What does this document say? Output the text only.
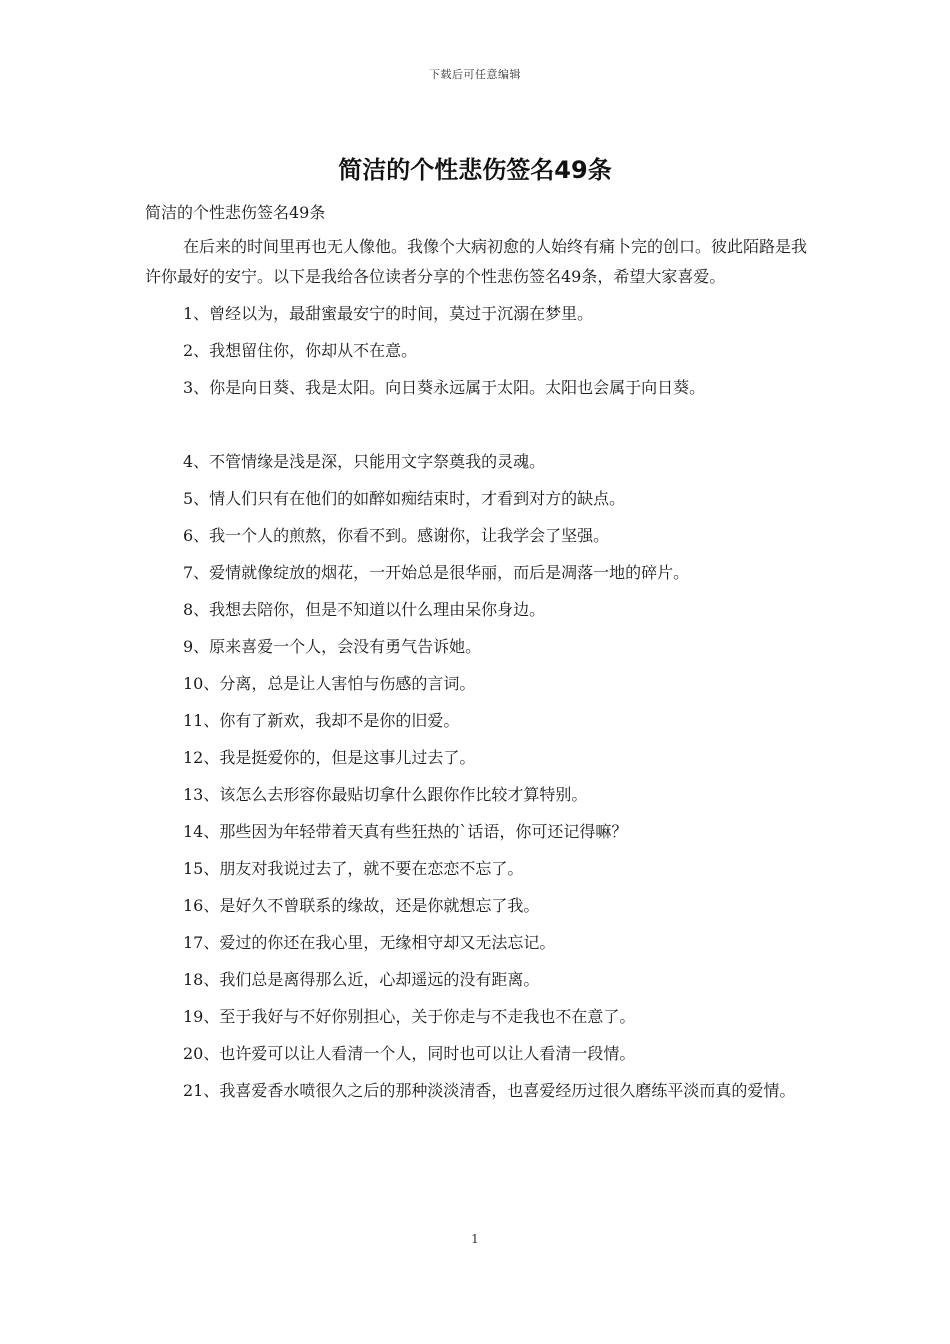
下载后可任意编辑
简洁的个性悲伤签名49条

简洁的个性悲伤签名49条

在后来的时间里再也无人像他。我像个大病初愈的人始终有痛卜完的创口。彼此陌路是我许你最好的安宁。以下是我给各位读者分享的个性悲伤签名49条，希望大家喜爱。

1、曾经以为，最甜蜜最安宁的时间，莫过于沉溺在梦里。

2、我想留住你，你却从不在意。

3、你是向日葵、我是太阳。向日葵永远属于太阳。太阳也会属于向日葵。

4、不管情缘是浅是深，只能用文字祭奠我的灵魂。

5、情人们只有在他们的如醉如痴结束时，才看到对方的缺点。

6、我一个人的煎熬，你看不到。感谢你，让我学会了坚强。

7、爱情就像绽放的烟花，一开始总是很华丽，而后是凋落一地的碎片。

8、我想去陪你，但是不知道以什么理由呆你身边。

9、原来喜爱一个人，会没有勇气告诉她。

10、分离，总是让人害怕与伤感的言词。

11、你有了新欢，我却不是你的旧爱。

12、我是挺爱你的，但是这事儿过去了。

13、该怎么去形容你最贴切拿什么跟你作比较才算特别。

14、那些因为年轻带着天真有些狂热的`话语，你可还记得嘛？

15、朋友对我说过去了，就不要在恋恋不忘了。

16、是好久不曾联系的缘故，还是你就想忘了我。

17、爱过的你还在我心里，无缘相守却又无法忘记。

18、我们总是离得那么近，心却遥远的没有距离。

19、至于我好与不好你别担心，关于你走与不走我也不在意了。

20、也许爱可以让人看清一个人，同时也可以让人看清一段情。

21、我喜爱香水喷很久之后的那种淡淡清香，也喜爱经历过很久磨练平淡而真的爱情。

1
